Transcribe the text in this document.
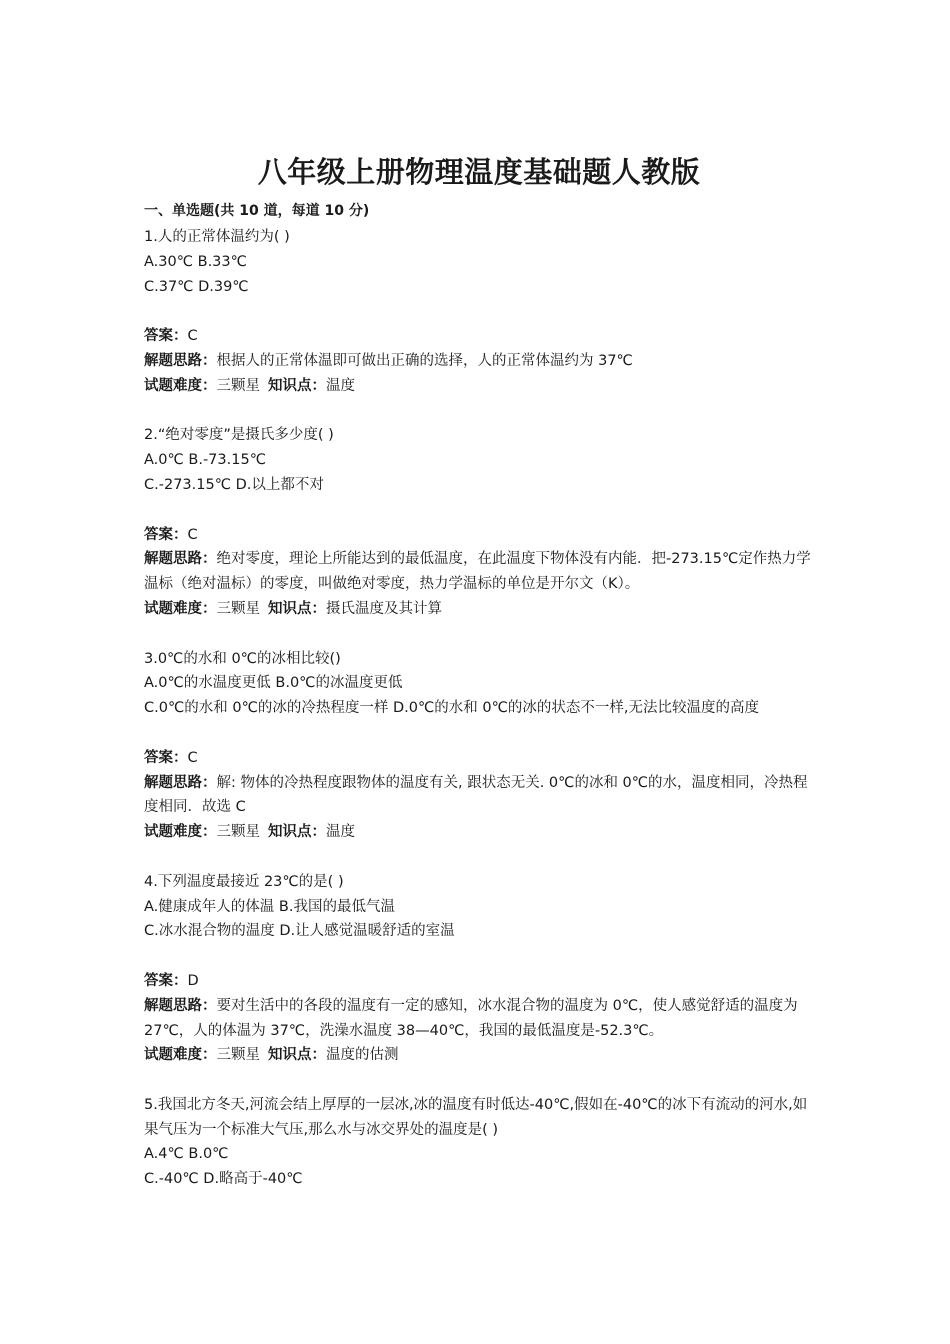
八年级上册物理温度基础题人教版

一、单选题(共 10 道，每道 10 分)

1.人的正常体温约为( )

A.30℃ B.33℃

C.37℃ D.39℃

答案：C

解题思路：根据人的正常体温即可做出正确的选择，人的正常体温约为 37℃

试题难度：三颗星 知识点：温度

2.“绝对零度”是摄氏多少度( )

A.0℃ B.-73.15℃

C.-273.15℃ D.以上都不对

答案：C

解题思路：绝对零度，理论上所能达到的最低温度，在此温度下物体没有内能．把-273.15℃定作热力学温标（绝对温标）的零度，叫做绝对零度，热力学温标的单位是开尔文（K）。

试题难度：三颗星 知识点：摄氏温度及其计算

3.0℃的水和 0℃的冰相比较()

A.0℃的水温度更低 B.0℃的冰温度更低

C.0℃的水和 0℃的冰的冷热程度一样 D.0℃的水和 0℃的冰的状态不一样,无法比较温度的高度

答案：C

解题思路：解: 物体的冷热程度跟物体的温度有关, 跟状态无关. 0℃的冰和 0℃的水，温度相同，冷热程度相同．故选 C

试题难度：三颗星 知识点：温度

4.下列温度最接近 23℃的是( )

A.健康成年人的体温 B.我国的最低气温

C.冰水混合物的温度 D.让人感觉温暖舒适的室温

答案：D

解题思路：要对生活中的各段的温度有一定的感知，冰水混合物的温度为 0℃，使人感觉舒适的温度为 27℃，人的体温为 37℃，洗澡水温度 38—40℃，我国的最低温度是-52.3℃。

试题难度：三颗星 知识点：温度的估测

5.我国北方冬天,河流会结上厚厚的一层冰,冰的温度有时低达-40℃,假如在-40℃的冰下有流动的河水,如果气压为一个标准大气压,那么水与冰交界处的温度是( )

A.4℃ B.0℃

C.-40℃ D.略高于-40℃
